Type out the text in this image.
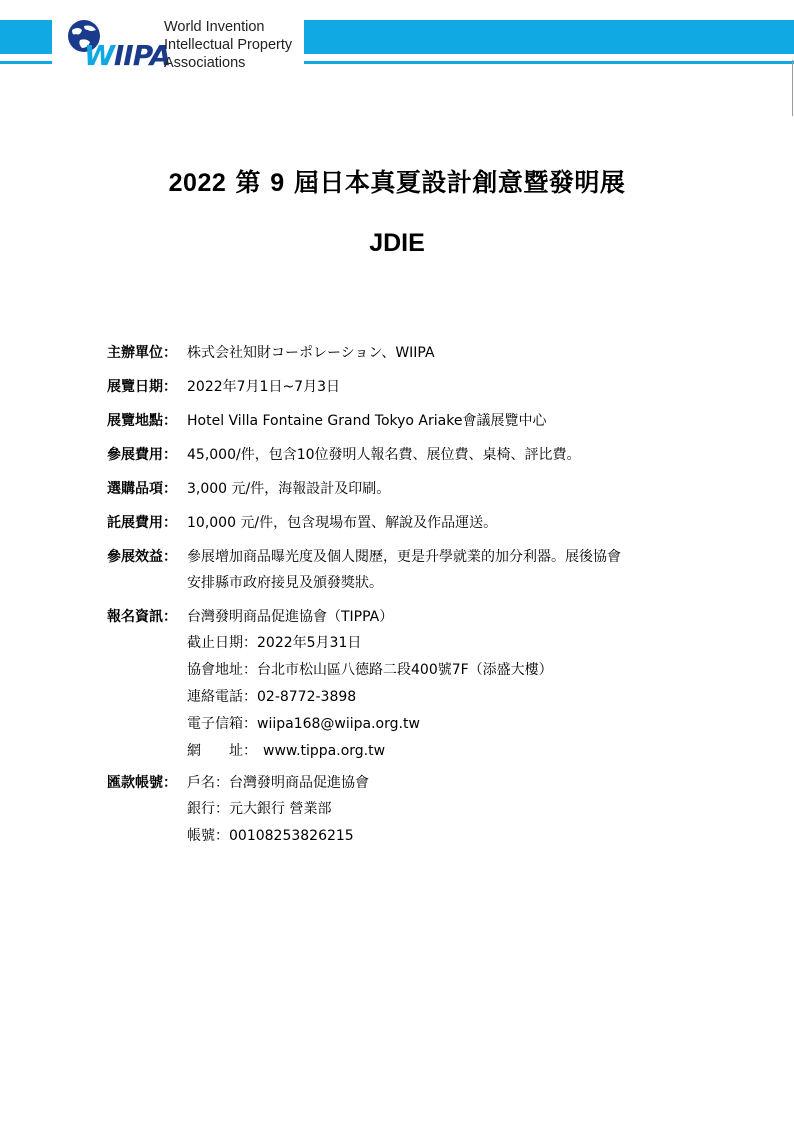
WIIPA
World Invention
Intellectual Property
Associations
2022 第 9 屆日本真夏設計創意暨發明展
JDIE
主辦單位： 株式会社知財コーポレーション、WIIPA
展覽日期： 2022年7月1日~7月3日
展覽地點： Hotel Villa Fontaine Grand Tokyo Ariake會議展覽中心
參展費用： 45,000/件，包含10位發明人報名費、展位費、桌椅、評比費。
選購品項： 3,000 元/件，海報設計及印刷。
託展費用： 10,000 元/件，包含現場布置、解說及作品運送。
參展效益： 參展增加商品曝光度及個人閱歷，更是升學就業的加分利器。展後協會
安排縣市政府接見及頒發獎狀。
報名資訊： 台灣發明商品促進協會（TIPPA）
截止日期：2022年5月31日
協會地址：台北市松山區八德路二段400號7F（添盛大樓）
連絡電話：02-8772-3898
電子信箱：wiipa168@wiipa.org.tw
網　　址： www.tippa.org.tw
匯款帳號： 戶名：台灣發明商品促進協會
銀行：元大銀行 營業部
帳號：00108253826215
